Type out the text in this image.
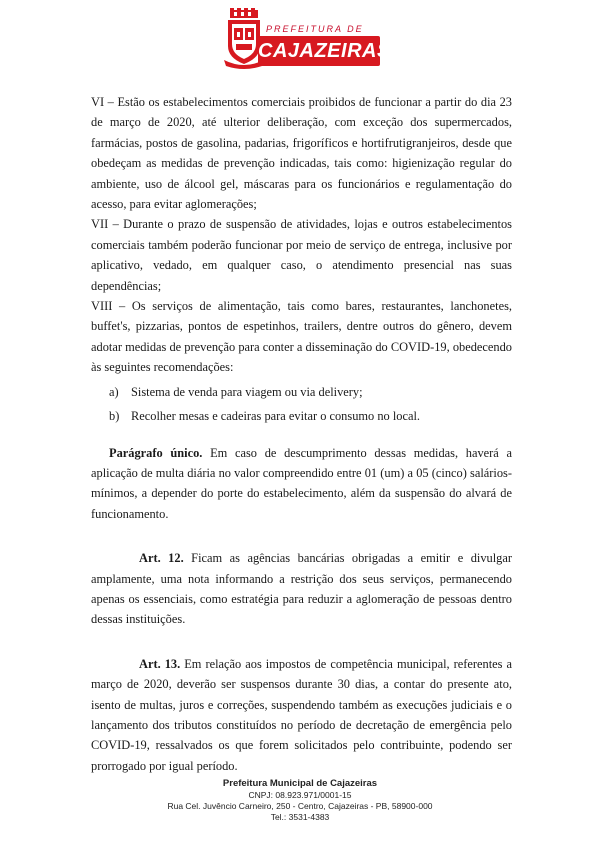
PREFEITURA DE
CAJAZEIRAS

VI – Estão os estabelecimentos comerciais proibidos de funcionar a partir do dia 23 de março de 2020, até ulterior deliberação, com exceção dos supermercados, farmácias, postos de gasolina, padarias, frigoríficos e hortifrutigranjeiros, desde que obedeçam as medidas de prevenção indicadas, tais como: higienização regular do ambiente, uso de álcool gel, máscaras para os funcionários e regulamentação do acesso, para evitar aglomerações;

VII – Durante o prazo de suspensão de atividades, lojas e outros estabelecimentos comerciais também poderão funcionar por meio de serviço de entrega, inclusive por aplicativo, vedado, em qualquer caso, o atendimento presencial nas suas dependências;

VIII – Os serviços de alimentação, tais como bares, restaurantes, lanchonetes, buffet's, pizzarias, pontos de espetinhos, trailers, dentre outros do gênero, devem adotar medidas de prevenção para conter a disseminação do COVID-19, obedecendo às seguintes recomendações:

a) Sistema de venda para viagem ou via delivery;
b) Recolher mesas e cadeiras para evitar o consumo no local.

Parágrafo único. Em caso de descumprimento dessas medidas, haverá a aplicação de multa diária no valor compreendido entre 01 (um) a 05 (cinco) salários-mínimos, a depender do porte do estabelecimento, além da suspensão do alvará de funcionamento.

Art. 12. Ficam as agências bancárias obrigadas a emitir e divulgar amplamente, uma nota informando a restrição dos seus serviços, permanecendo apenas os essenciais, como estratégia para reduzir a aglomeração de pessoas dentro dessas instituições.

Art. 13. Em relação aos impostos de competência municipal, referentes a março de 2020, deverão ser suspensos durante 30 dias, a contar do presente ato, isento de multas, juros e correções, suspendendo também as execuções judiciais e o lançamento dos tributos constituídos no período de decretação de emergência pelo COVID-19, ressalvados os que forem solicitados pelo contribuinte, podendo ser prorrogado por igual período.

Prefeitura Municipal de Cajazeiras
CNPJ: 08.923.971/0001-15
Rua Cel. Juvêncio Carneiro, 250 - Centro, Cajazeiras - PB, 58900-000
Tel.: 3531-4383
